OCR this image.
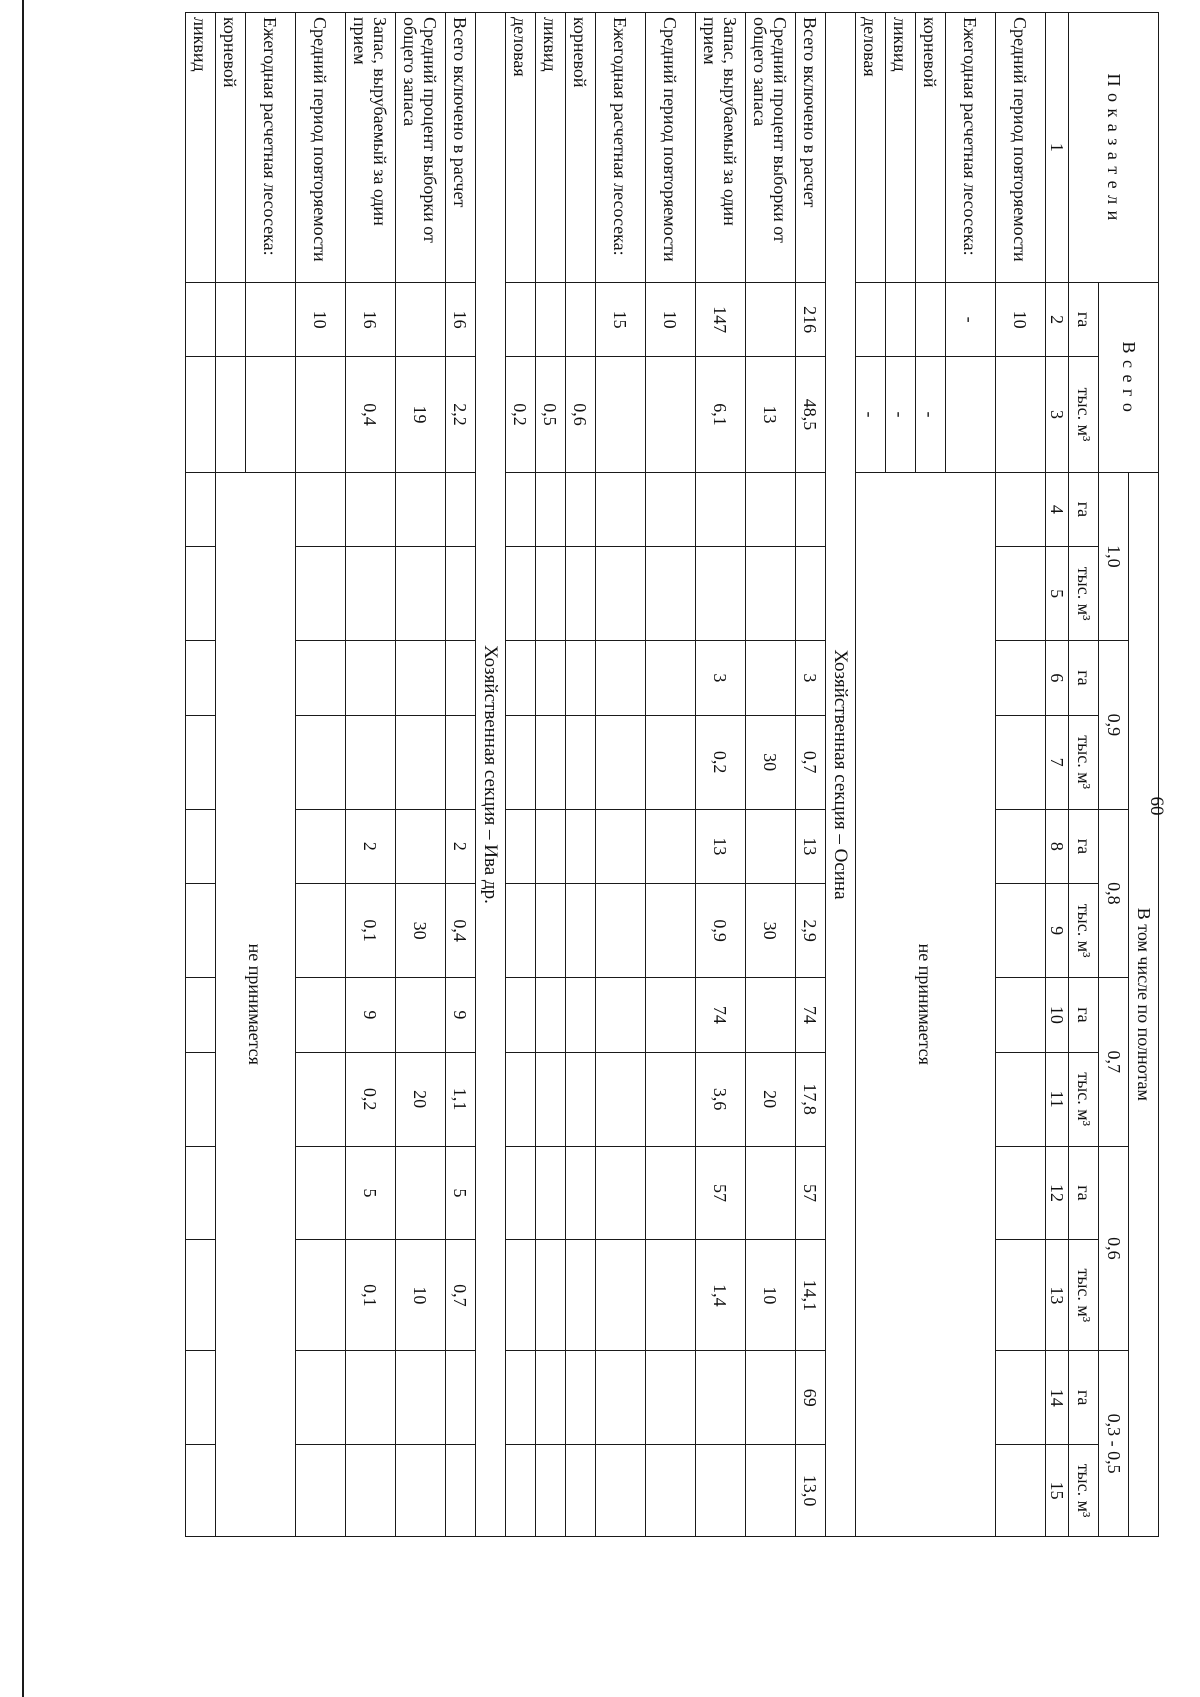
П о к а з а т е л и	В с е г о		В том числе по полнотам											
			1,0		0,9		0,8		0,7		0,6		0,3 - 0,5	
	га	тыс. м³	га	тыс. м³	га	тыс. м³	га	тыс. м³	га	тыс. м³	га	тыс. м³	га	тыс. м³
1	2	3	4	5	6	7	8	9	10	11	12	13	14	15
Средний период повторяемости	10													
Ежегодная расчетная лесосека:	-		не принимается											
корневой		-												
ликвид		-												
деловая		-												
Хозяйственная секция – Осина														
Всего включено в расчет	216	48,5			3	0,7	13	2,9	74	17,8	57	14,1	69	13,0
Средний процент выборки от общего запаса		13				30		30		20		10		
Запас, вырубаемый за один прием	147	6,1			3	0,2	13	0,9	74	3,6	57	1,4		
Средний период повторяемости	10													
Ежегодная расчетная лесосека:	15													
корневой		0,6												
ликвид		0,5												
деловая		0,2												
Хозяйственная секция – Ива др.														
Всего включено в расчет	16	2,2					2	0,4	9	1,1	5	0,7		
Средний процент выборки от общего запаса		19						30		20		10		
Запас, вырубаемый за один прием	16	0,4					2	0,1	9	0,2	5	0,1		
Средний период повторяемости	10													
Ежегодная расчетная лесосека:			не принимается											
корневой														
ликвид														
60
